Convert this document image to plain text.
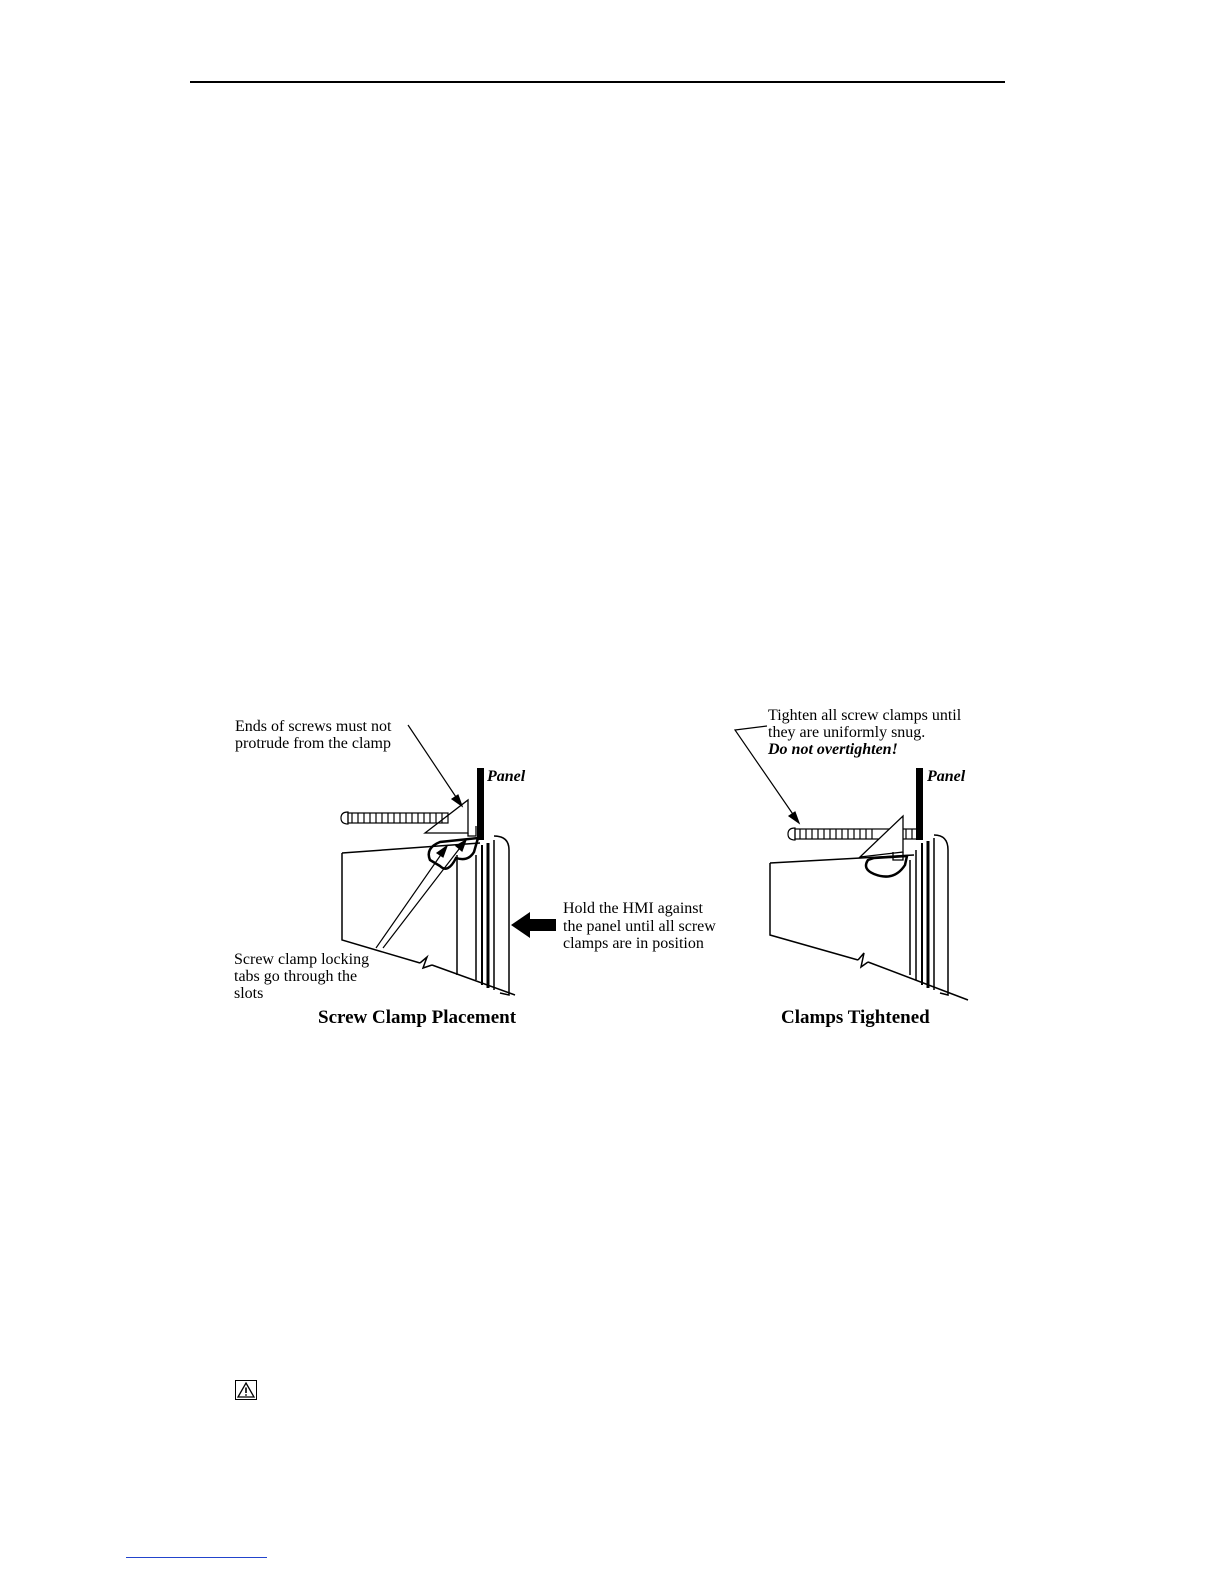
Ends of screws must not
protrude from the clamp
Panel
Screw clamp locking
tabs go through the
slots
Hold the HMI against
the panel until all screw
clamps are in position
Screw Clamp Placement
Tighten all screw clamps until
they are uniformly snug.
Do not overtighten!
Panel
Clamps Tightened
